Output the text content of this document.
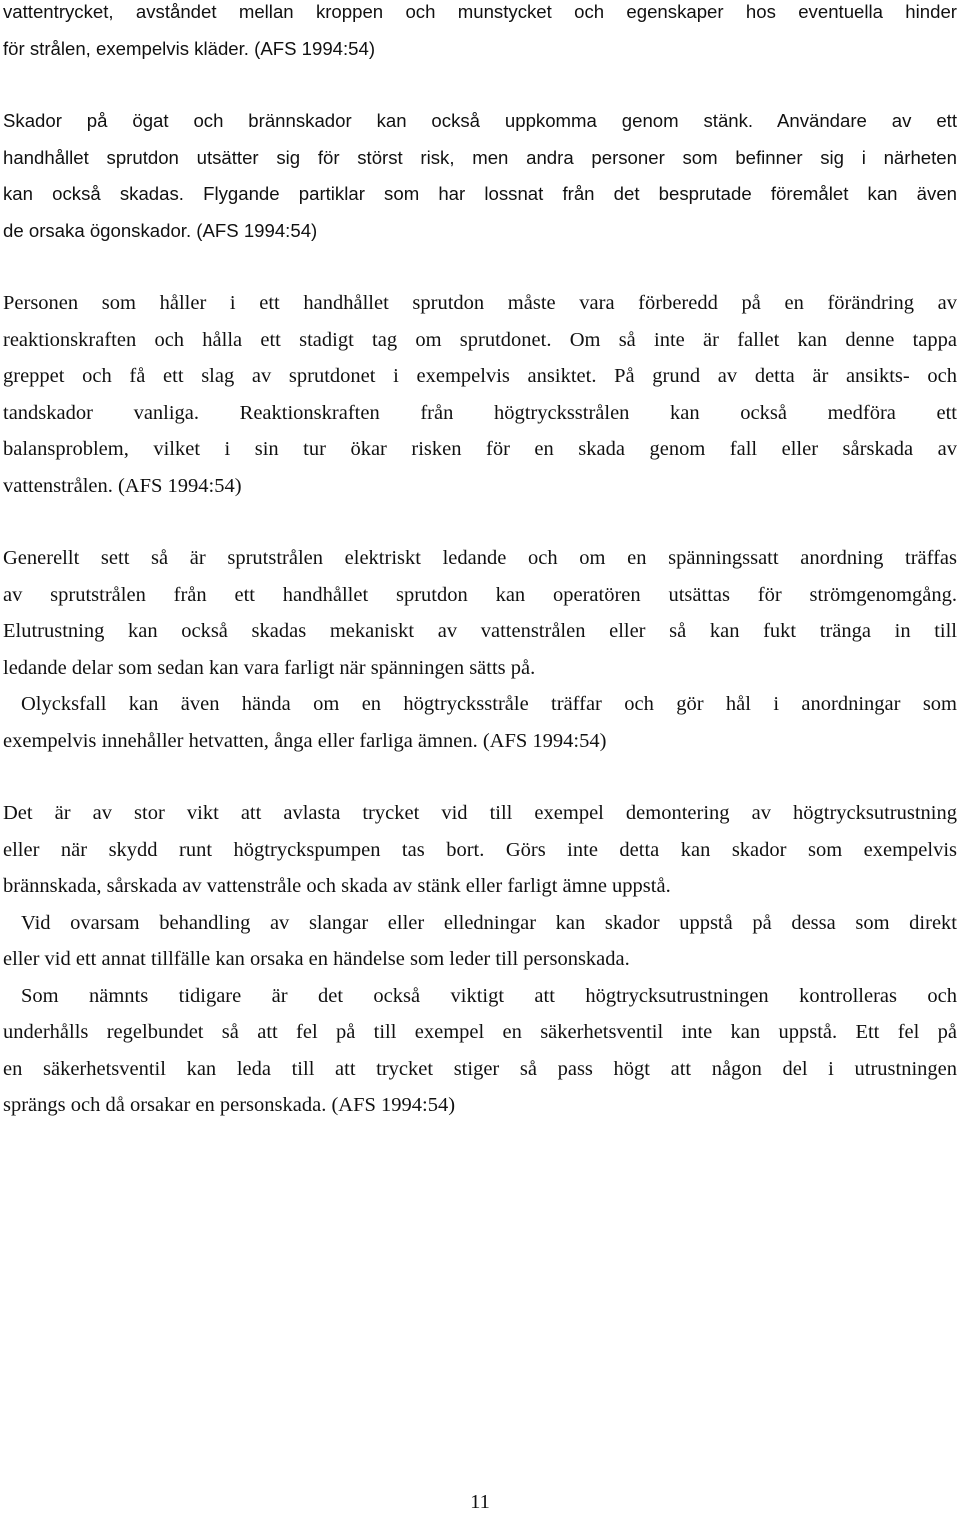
vattentrycket, avståndet mellan kroppen och munstycket och egenskaper hos eventuella hinder
för strålen, exempelvis kläder. (AFS 1994:54)

Skador på ögat och brännskador kan också uppkomma genom stänk. Användare av ett
handhållet sprutdon utsätter sig för störst risk, men andra personer som befinner sig i närheten
kan också skadas. Flygande partiklar som har lossnat från det besprutade föremålet kan även
de orsaka ögonskador. (AFS 1994:54)

Personen som håller i ett handhållet sprutdon måste vara förberedd på en förändring av
reaktionskraften och hålla ett stadigt tag om sprutdonet. Om så inte är fallet kan denne tappa
greppet och få ett slag av sprutdonet i exempelvis ansiktet. På grund av detta är ansikts- och
tandskador vanliga. Reaktionskraften från högtrycksstrålen kan också medföra ett
balansproblem, vilket i sin tur ökar risken för en skada genom fall eller sårskada av
vattenstrålen. (AFS 1994:54)

Generellt sett så är sprutstrålen elektriskt ledande och om en spänningssatt anordning träffas
av sprutstrålen från ett handhållet sprutdon kan operatören utsättas för strömgenomgång.
Elutrustning kan också skadas mekaniskt av vattenstrålen eller så kan fukt tränga in till
ledande delar som sedan kan vara farligt när spänningen sätts på.

Olycksfall kan även hända om en högtrycksstråle träffar och gör hål i anordningar som
exempelvis innehåller hetvatten, ånga eller farliga ämnen. (AFS 1994:54)

Det är av stor vikt att avlasta trycket vid till exempel demontering av högtrycksutrustning
eller när skydd runt högtryckspumpen tas bort. Görs inte detta kan skador som exempelvis
brännskada, sårskada av vattenstråle och skada av stänk eller farligt ämne uppstå.

Vid ovarsam behandling av slangar eller elledningar kan skador uppstå på dessa som direkt
eller vid ett annat tillfälle kan orsaka en händelse som leder till personskada.

Som nämnts tidigare är det också viktigt att högtrycksutrustningen kontrolleras och
underhålls regelbundet så att fel på till exempel en säkerhetsventil inte kan uppstå. Ett fel på
en säkerhetsventil kan leda till att trycket stiger så pass högt att någon del i utrustningen
sprängs och då orsakar en personskada. (AFS 1994:54)

11
